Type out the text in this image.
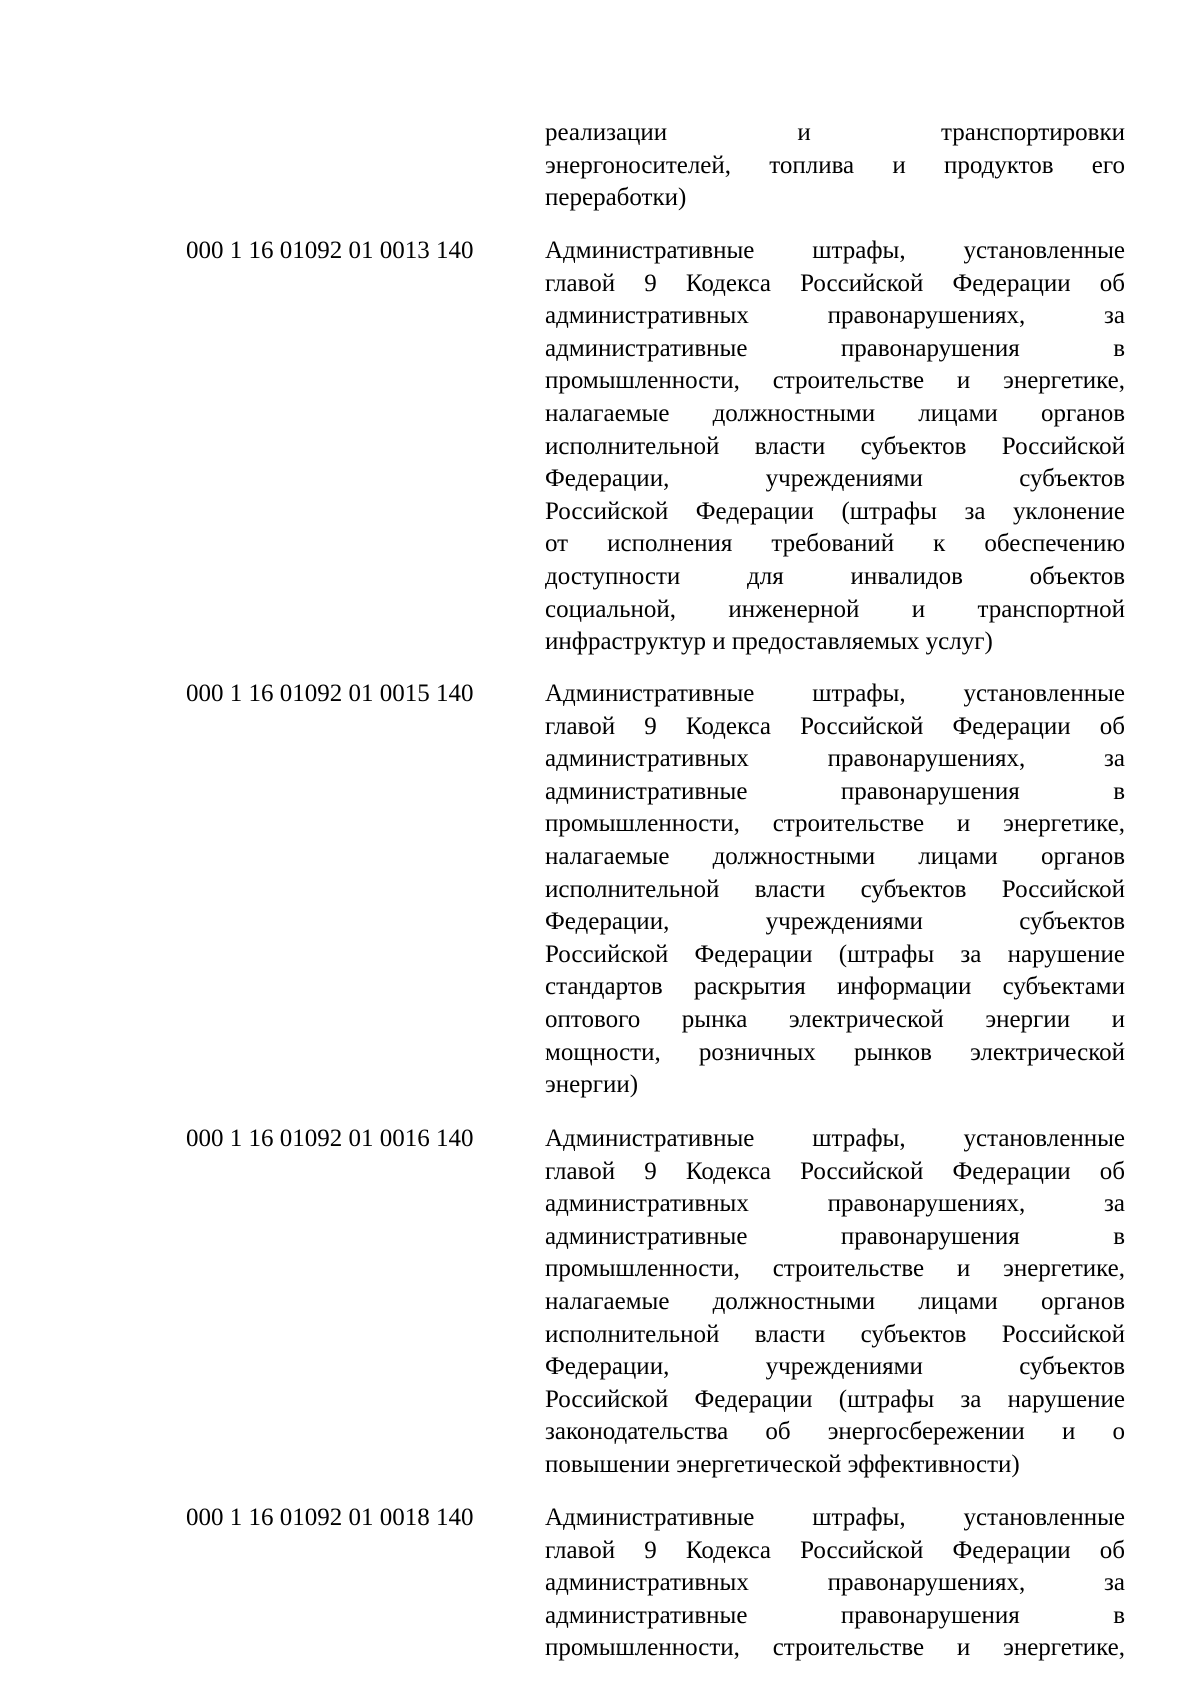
реализации и транспортировки
энергоносителей, топлива и продуктов его
переработки)
000 1 16 01092 01 0013 140	Административные штрафы, установленные
главой 9 Кодекса Российской Федерации об
административных правонарушениях, за
административные правонарушения в
промышленности, строительстве и энергетике,
налагаемые должностными лицами органов
исполнительной власти субъектов Российской
Федерации, учреждениями субъектов
Российской Федерации (штрафы за уклонение
от исполнения требований к обеспечению
доступности для инвалидов объектов
социальной, инженерной и транспортной
инфраструктур и предоставляемых услуг)
000 1 16 01092 01 0015 140	Административные штрафы, установленные
главой 9 Кодекса Российской Федерации об
административных правонарушениях, за
административные правонарушения в
промышленности, строительстве и энергетике,
налагаемые должностными лицами органов
исполнительной власти субъектов Российской
Федерации, учреждениями субъектов
Российской Федерации (штрафы за нарушение
стандартов раскрытия информации субъектами
оптового рынка электрической энергии и
мощности, розничных рынков электрической
энергии)
000 1 16 01092 01 0016 140	Административные штрафы, установленные
главой 9 Кодекса Российской Федерации об
административных правонарушениях, за
административные правонарушения в
промышленности, строительстве и энергетике,
налагаемые должностными лицами органов
исполнительной власти субъектов Российской
Федерации, учреждениями субъектов
Российской Федерации (штрафы за нарушение
законодательства об энергосбережении и о
повышении энергетической эффективности)
000 1 16 01092 01 0018 140	Административные штрафы, установленные
главой 9 Кодекса Российской Федерации об
административных правонарушениях, за
административные правонарушения в
промышленности, строительстве и энергетике,
